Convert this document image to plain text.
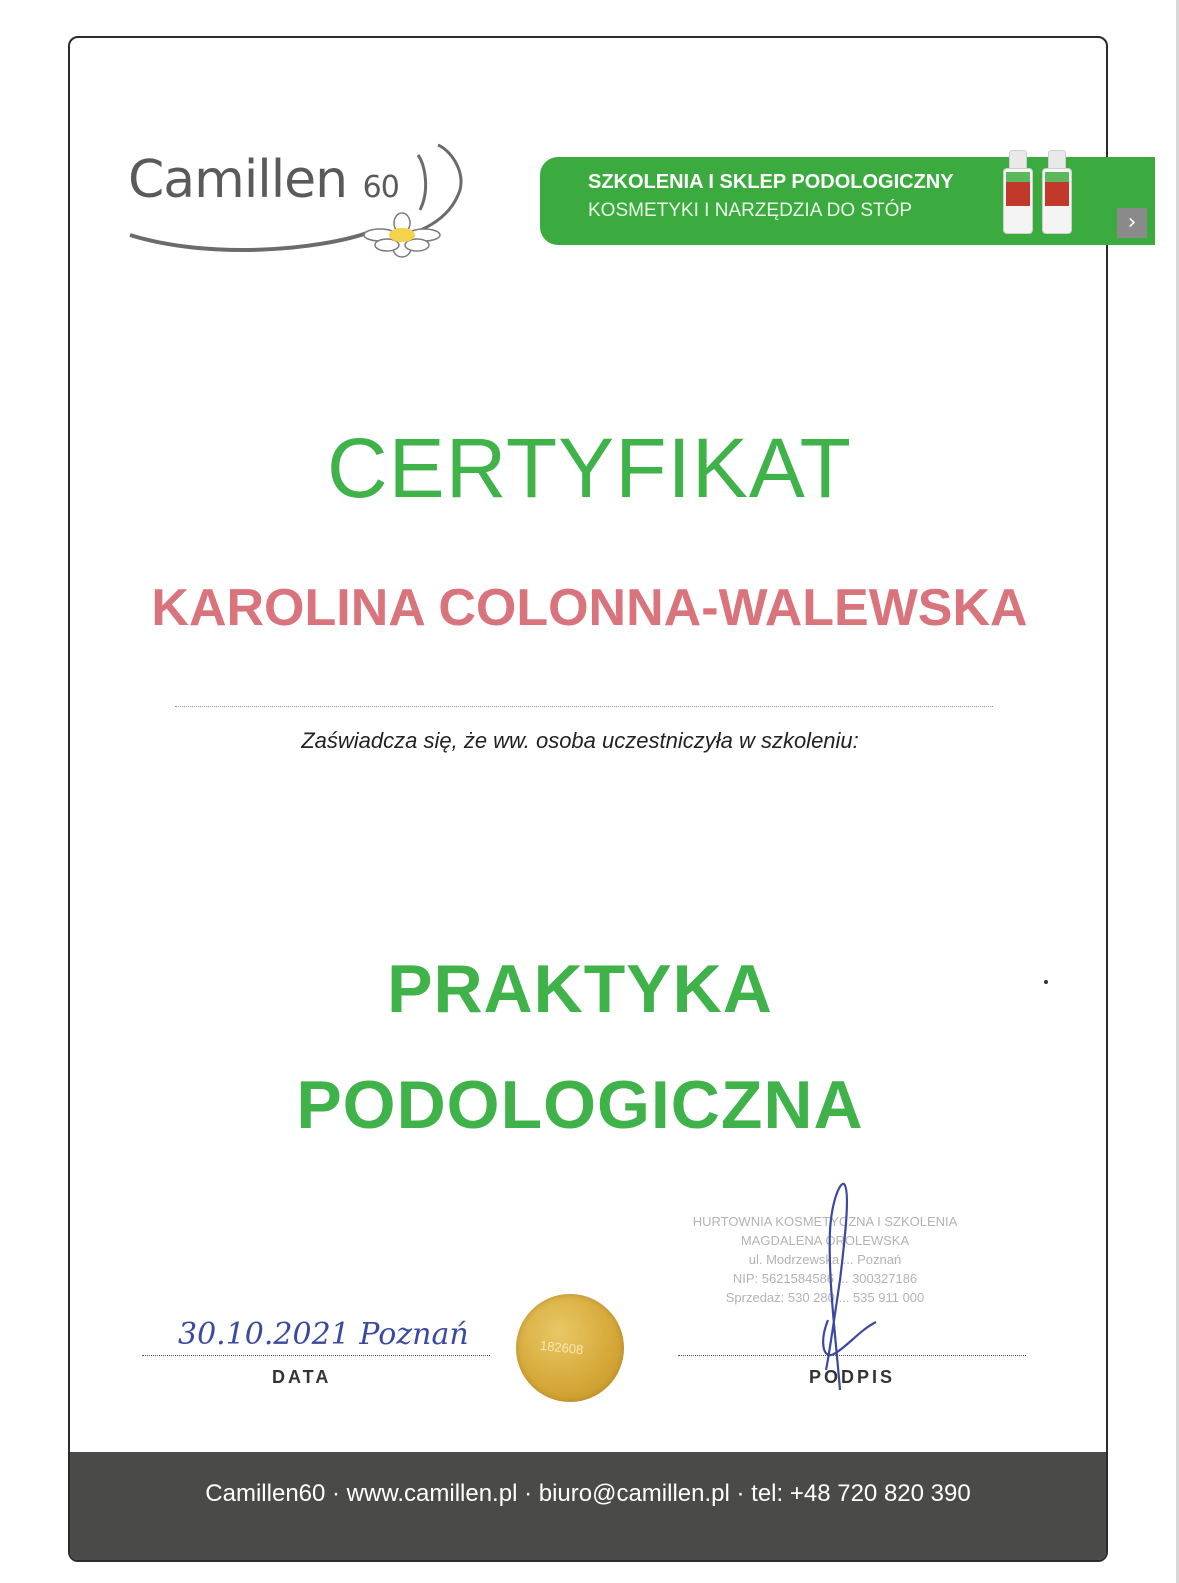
Camillen 60	SZKOLENIA I SKLEP PODOLOGICZNY
KOSMETYKI I NARZĘDZIA DO STÓP	›
CERTYFIKAT
KAROLINA COLONNA-WALEWSKA
Zaświadcza się, że ww. osoba uczestniczyła w szkoleniu:
PRAKTYKA
PODOLOGICZNA
HURTOWNIA KOSMETYCZNA I SZKOLENIA
MAGDALENA OROLEWSKA
ul. Modrzewska ... Poznań
NIP: 5621584586 ... 300327186
Sprzedaż: 530 280 ... 535 911 000
30.10.2021 Poznań
DATA
182608
PODPIS
Camillen60 · www.camillen.pl · biuro@camillen.pl · tel: +48 720 820 390
